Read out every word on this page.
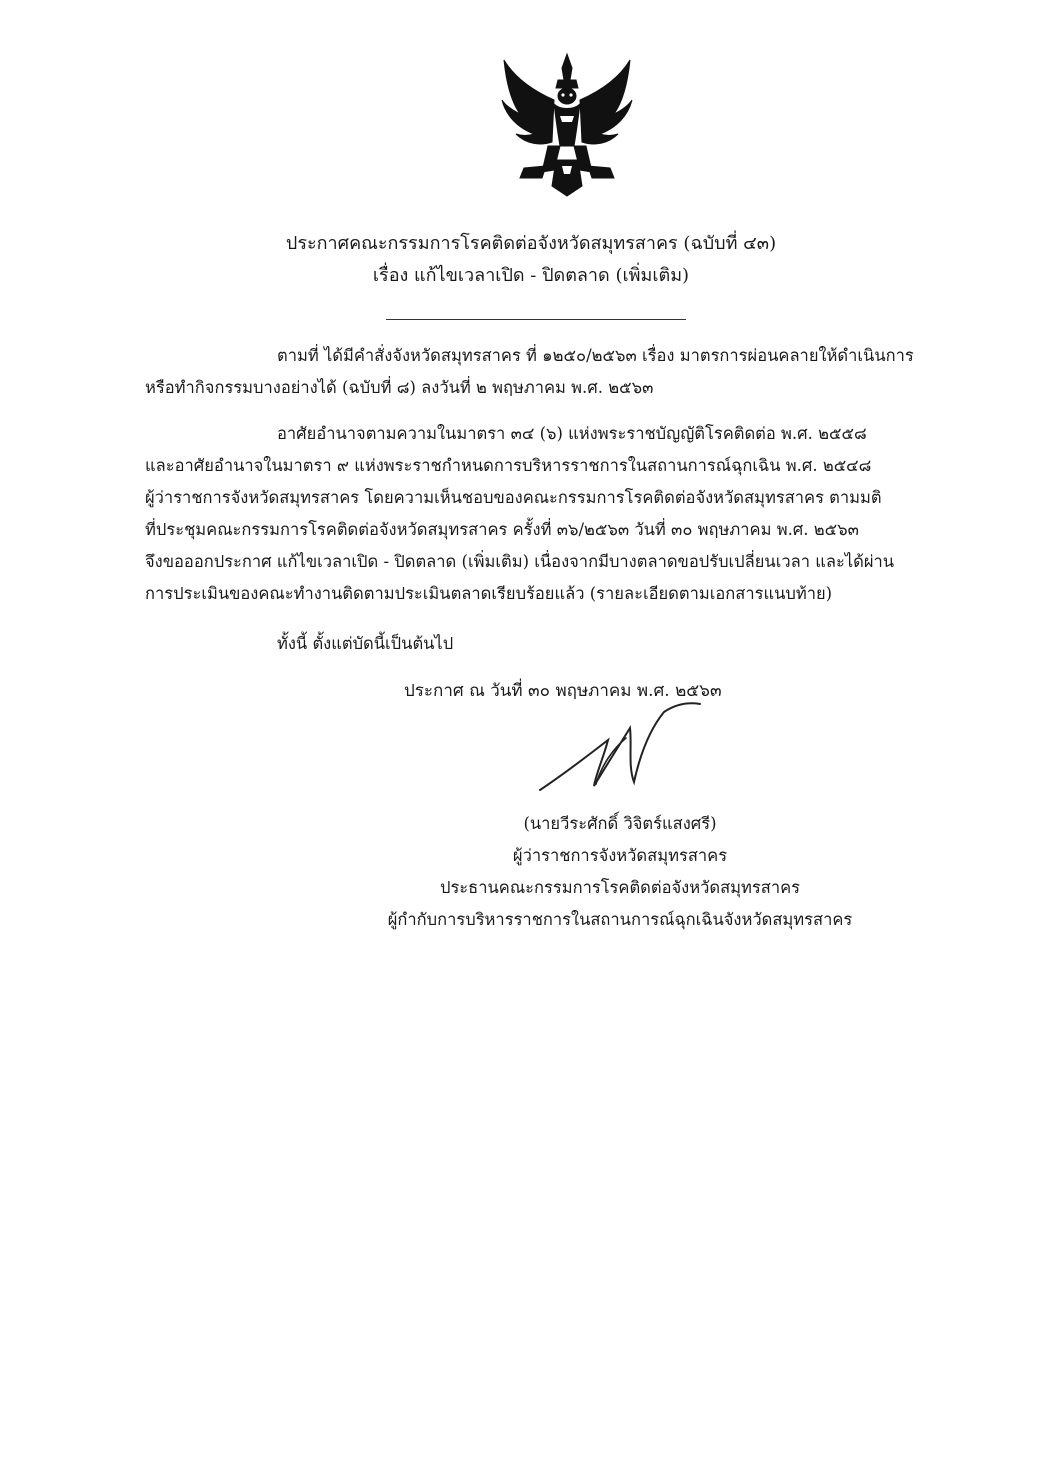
ประกาศคณะกรรมการโรคติดต่อจังหวัดสมุทรสาคร (ฉบับที่ ๔๓)
เรื่อง แก้ไขเวลาเปิด - ปิดตลาด (เพิ่มเติม)
ตามที่ ได้มีคำสั่งจังหวัดสมุทรสาคร ที่ ๑๒๕๐/๒๕๖๓ เรื่อง มาตรการผ่อนคลายให้ดำเนินการ
หรือทำกิจกรรมบางอย่างได้ (ฉบับที่ ๘) ลงวันที่ ๒ พฤษภาคม พ.ศ. ๒๕๖๓
อาศัยอำนาจตามความในมาตรา ๓๔ (๖) แห่งพระราชบัญญัติโรคติดต่อ พ.ศ. ๒๕๕๘
และอาศัยอำนาจในมาตรา ๙ แห่งพระราชกำหนดการบริหารราชการในสถานการณ์ฉุกเฉิน พ.ศ. ๒๕๔๘
ผู้ว่าราชการจังหวัดสมุทรสาคร โดยความเห็นชอบของคณะกรรมการโรคติดต่อจังหวัดสมุทรสาคร ตามมติ
ที่ประชุมคณะกรรมการโรคติดต่อจังหวัดสมุทรสาคร ครั้งที่ ๓๖/๒๕๖๓ วันที่ ๓๐ พฤษภาคม พ.ศ. ๒๕๖๓
จึงขอออกประกาศ แก้ไขเวลาเปิด - ปิดตลาด (เพิ่มเติม) เนื่องจากมีบางตลาดขอปรับเปลี่ยนเวลา และได้ผ่าน
การประเมินของคณะทำงานติดตามประเมินตลาดเรียบร้อยแล้ว (รายละเอียดตามเอกสารแนบท้าย)
ทั้งนี้ ตั้งแต่บัดนี้เป็นต้นไป
ประกาศ ณ วันที่ ๓๐ พฤษภาคม พ.ศ. ๒๕๖๓
(นายวีระศักดิ์ วิจิตร์แสงศรี)
ผู้ว่าราชการจังหวัดสมุทรสาคร
ประธานคณะกรรมการโรคติดต่อจังหวัดสมุทรสาคร
ผู้กำกับการบริหารราชการในสถานการณ์ฉุกเฉินจังหวัดสมุทรสาคร
